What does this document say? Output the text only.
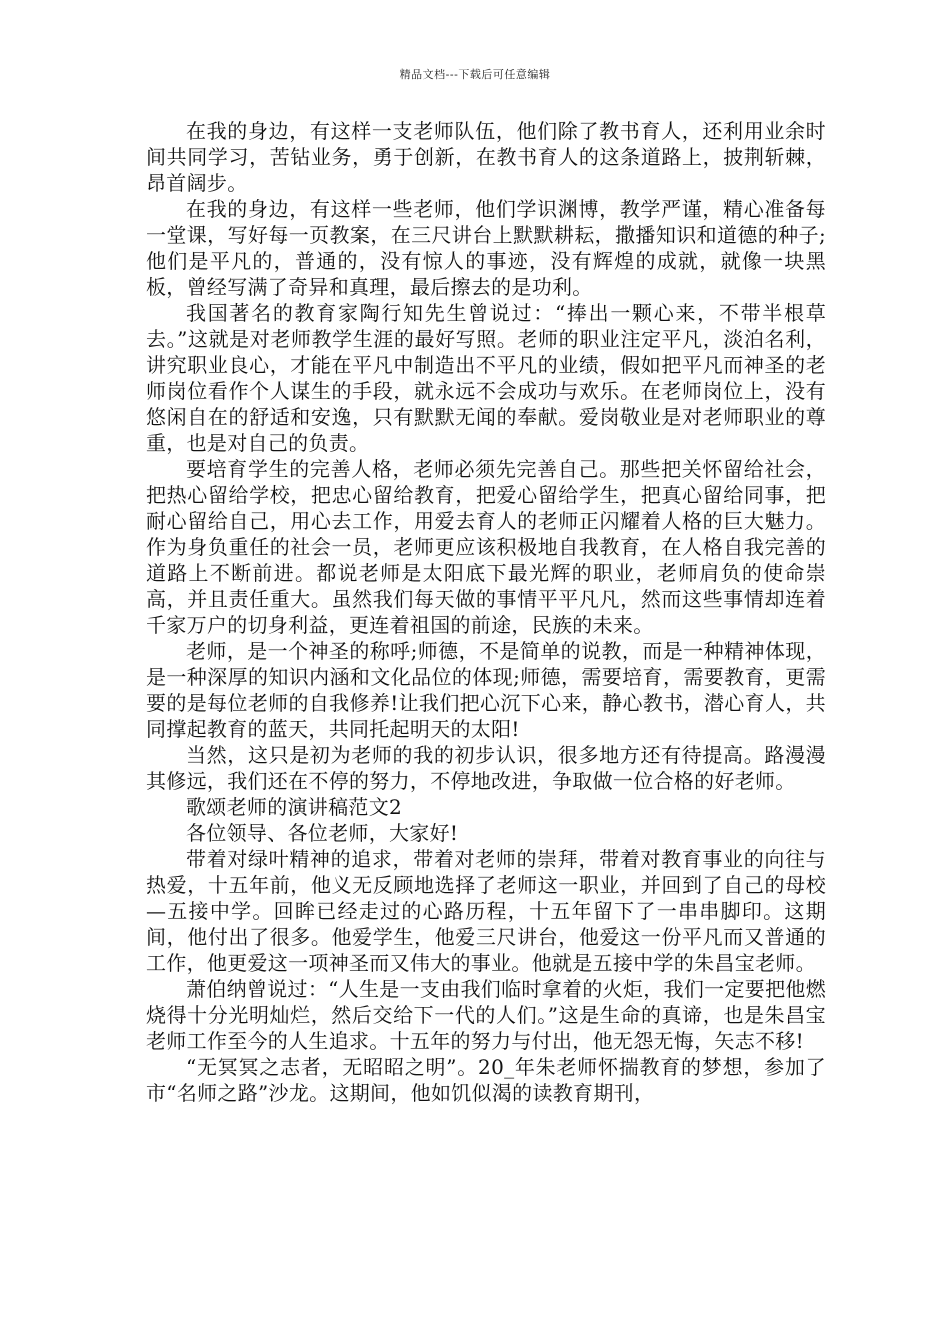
精品文档---下载后可任意编辑

在我的身边，有这样一支老师队伍，他们除了教书育人，还利用业余时间共同学习，苦钻业务，勇于创新，在教书育人的这条道路上，披荆斩棘，昂首阔步。

在我的身边，有这样一些老师，他们学识渊博，教学严谨，精心准备每一堂课，写好每一页教案，在三尺讲台上默默耕耘，撒播知识和道德的种子;他们是平凡的，普通的，没有惊人的事迹，没有辉煌的成就，就像一块黑板，曾经写满了奇异和真理，最后擦去的是功利。

我国著名的教育家陶行知先生曾说过：“捧出一颗心来，不带半根草去。”这就是对老师教学生涯的最好写照。老师的职业注定平凡，淡泊名利，讲究职业良心，才能在平凡中制造出不平凡的业绩，假如把平凡而神圣的老师岗位看作个人谋生的手段，就永远不会成功与欢乐。在老师岗位上，没有悠闲自在的舒适和安逸，只有默默无闻的奉献。爱岗敬业是对老师职业的尊重，也是对自己的负责。

要培育学生的完善人格，老师必须先完善自己。那些把关怀留给社会，把热心留给学校，把忠心留给教育，把爱心留给学生，把真心留给同事，把耐心留给自己，用心去工作，用爱去育人的老师正闪耀着人格的巨大魅力。作为身负重任的社会一员，老师更应该积极地自我教育，在人格自我完善的道路上不断前进。都说老师是太阳底下最光辉的职业，老师肩负的使命崇高，并且责任重大。虽然我们每天做的事情平平凡凡，然而这些事情却连着千家万户的切身利益，更连着祖国的前途，民族的未来。

老师，是一个神圣的称呼;师德，不是简单的说教，而是一种精神体现，是一种深厚的知识内涵和文化品位的体现;师德，需要培育，需要教育，更需要的是每位老师的自我修养!让我们把心沉下心来，静心教书，潜心育人，共同撑起教育的蓝天，共同托起明天的太阳!

当然，这只是初为老师的我的初步认识，很多地方还有待提高。路漫漫其修远，我们还在不停的努力，不停地改进，争取做一位合格的好老师。

歌颂老师的演讲稿范文2

各位领导、各位老师，大家好!

带着对绿叶精神的追求，带着对老师的崇拜，带着对教育事业的向往与热爱，十五年前，他义无反顾地选择了老师这一职业，并回到了自己的母校—五接中学。回眸已经走过的心路历程，十五年留下了一串串脚印。这期间，他付出了很多。他爱学生，他爱三尺讲台，他爱这一份平凡而又普通的工作，他更爱这一项神圣而又伟大的事业。他就是五接中学的朱昌宝老师。

萧伯纳曾说过：“人生是一支由我们临时拿着的火炬，我们一定要把他燃烧得十分光明灿烂，然后交给下一代的人们。”这是生命的真谛，也是朱昌宝老师工作至今的人生追求。十五年的努力与付出，他无怨无悔，矢志不移!

“无冥冥之志者，无昭昭之明”。20_年朱老师怀揣教育的梦想，参加了市“名师之路”沙龙。这期间，他如饥似渴的读教育期刊，
